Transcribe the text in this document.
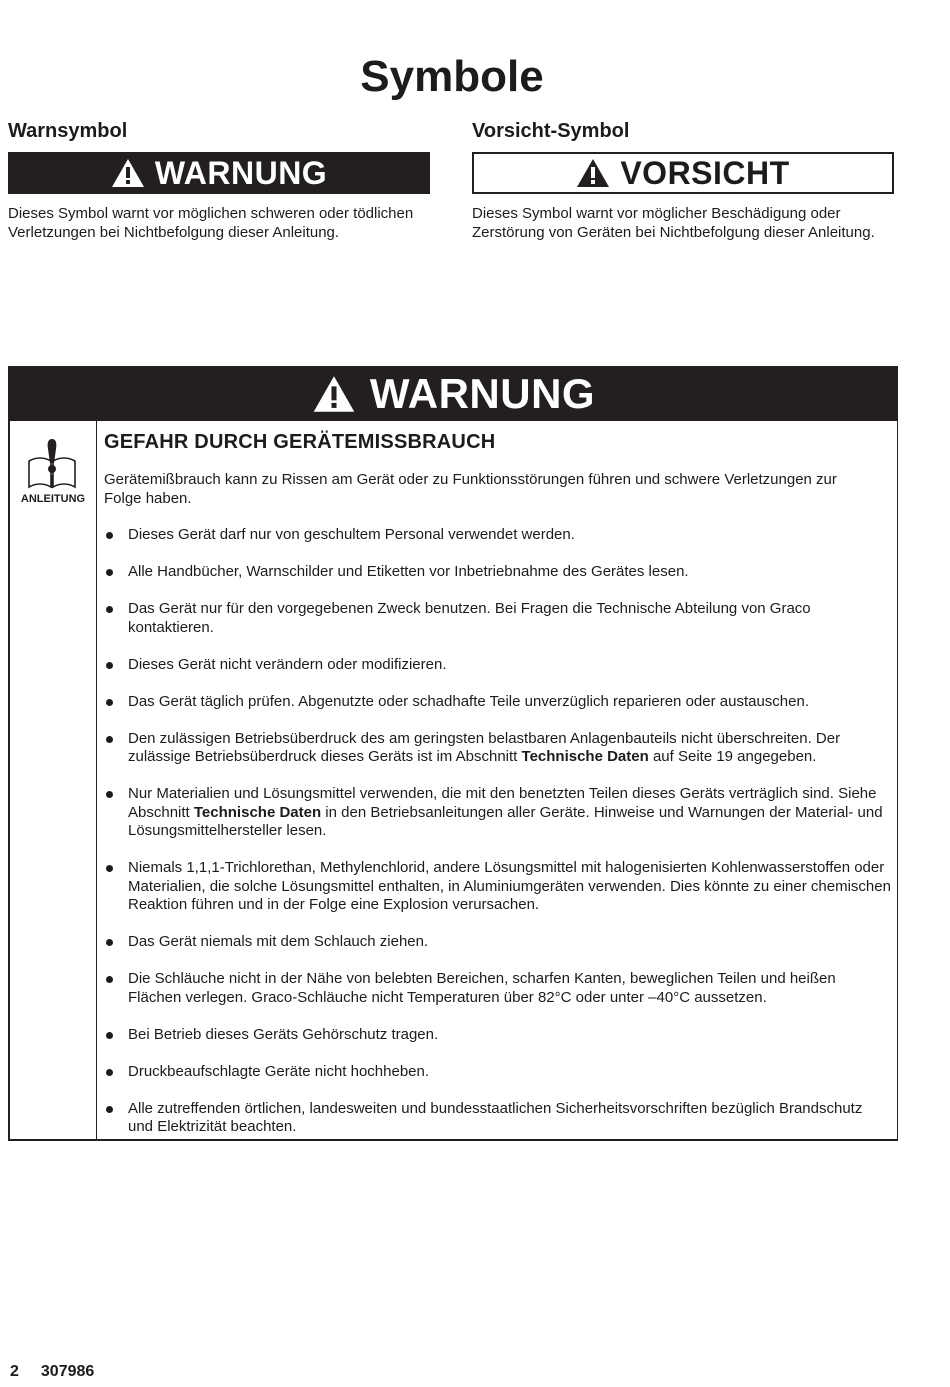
Symbole
Warnsymbol
WARNUNG

Dieses Symbol warnt vor möglichen schweren oder tödlichen Verletzungen bei Nichtbefolgung dieser Anleitung.

Vorsicht-Symbol
VORSICHT

Dieses Symbol warnt vor möglicher Beschädigung oder Zerstörung von Geräten bei Nichtbefolgung dieser Anleitung.

WARNUNG
ANLEITUNG
GEFAHR DURCH GERÄTEMISSBRAUCH

Gerätemißbrauch kann zu Rissen am Gerät oder zu Funktionsstörungen führen und schwere Verletzungen zur Folge haben.

Dieses Gerät darf nur von geschultem Personal verwendet werden.
Alle Handbücher, Warnschilder und Etiketten vor Inbetriebnahme des Gerätes lesen.
Das Gerät nur für den vorgegebenen Zweck benutzen. Bei Fragen die Technische Abteilung von Graco kontaktieren.
Dieses Gerät nicht verändern oder modifizieren.
Das Gerät täglich prüfen. Abgenutzte oder schadhafte Teile unverzüglich reparieren oder austauschen.
Den zulässigen Betriebsüberdruck des am geringsten belastbaren Anlagenbauteils nicht überschreiten. Der zulässige Betriebsüberdruck dieses Geräts ist im Abschnitt Technische Daten auf Seite 19 angegeben.
Nur Materialien und Lösungsmittel verwenden, die mit den benetzten Teilen dieses Geräts verträglich sind. Siehe Abschnitt Technische Daten in den Betriebsanleitungen aller Geräte. Hinweise und Warnungen der Material- und Lösungsmittelhersteller lesen.
Niemals 1,1,1-Trichlorethan, Methylenchlorid, andere Lösungsmittel mit halogenisierten Kohlenwasserstoffen oder Materialien, die solche Lösungsmittel enthalten, in Aluminiumgeräten verwenden. Dies könnte zu einer chemischen Reaktion führen und in der Folge eine Explosion verursachen.
Das Gerät niemals mit dem Schlauch ziehen.
Die Schläuche nicht in der Nähe von belebten Bereichen, scharfen Kanten, beweglichen Teilen und heißen Flächen verlegen. Graco-Schläuche nicht Temperaturen über 82°C oder unter –40°C aussetzen.
Bei Betrieb dieses Geräts Gehörschutz tragen.
Druckbeaufschlagte Geräte nicht hochheben.
Alle zutreffenden örtlichen, landesweiten und bundesstaatlichen Sicherheitsvorschriften bezüglich Brandschutz und Elektrizität beachten.
2 307986
